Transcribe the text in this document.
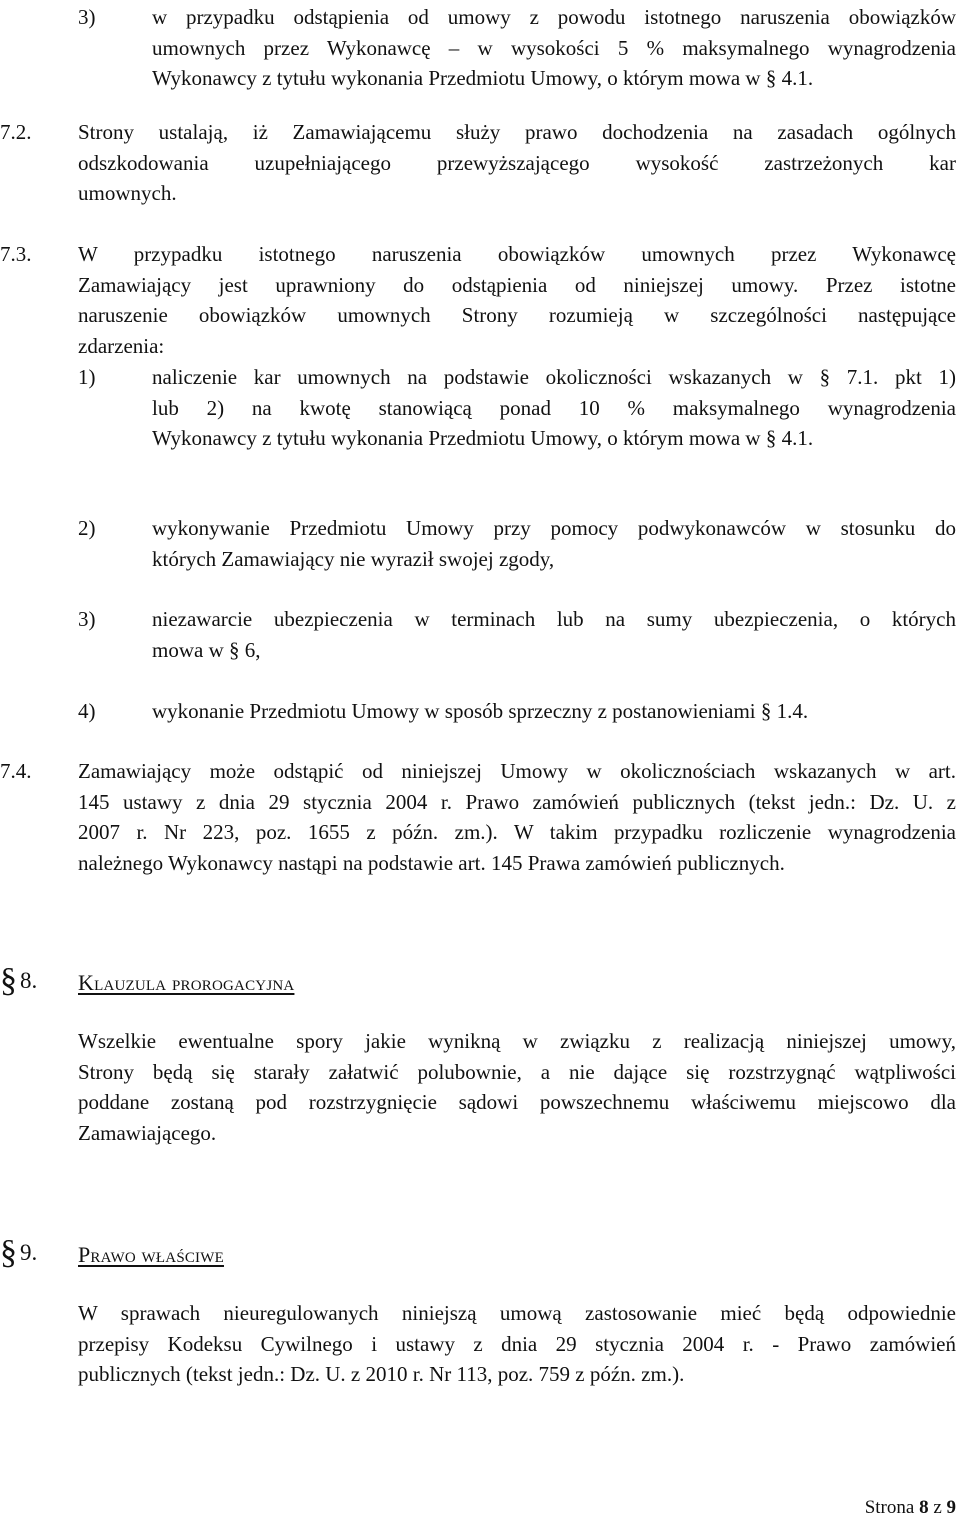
3)	w przypadku odstąpienia od umowy z powodu istotnego naruszenia obowiązków
umownych przez Wykonawcę – w wysokości 5 % maksymalnego wynagrodzenia
Wykonawcy z tytułu wykonania Przedmiotu Umowy, o którym mowa w § 4.1.
7.2. Strony ustalają, iż Zamawiającemu służy prawo dochodzenia na zasadach ogólnych
odszkodowania uzupełniającego przewyższającego wysokość zastrzeżonych kar
umownych.
7.3. W przypadku istotnego naruszenia obowiązków umownych przez Wykonawcę
Zamawiający jest uprawniony do odstąpienia od niniejszej umowy. Przez istotne
naruszenie obowiązków umownych Strony rozumieją w szczególności następujące
zdarzenia:
1)	naliczenie kar umownych na podstawie okoliczności wskazanych w § 7.1. pkt 1)
lub 2) na kwotę stanowiącą ponad 10 % maksymalnego wynagrodzenia
Wykonawcy z tytułu wykonania Przedmiotu Umowy, o którym mowa w § 4.1.
2)	wykonywanie Przedmiotu Umowy przy pomocy podwykonawców w stosunku do
których Zamawiający nie wyraził swojej zgody,
3)	niezawarcie ubezpieczenia w terminach lub na sumy ubezpieczenia, o których
mowa w § 6,
4)	wykonanie Przedmiotu Umowy w sposób sprzeczny z postanowieniami § 1.4.
7.4. Zamawiający może odstąpić od niniejszej Umowy w okolicznościach wskazanych w art.
145 ustawy z dnia 29 stycznia 2004 r. Prawo zamówień publicznych (tekst jedn.: Dz. U. z
2007 r. Nr 223, poz. 1655 z późn. zm.). W takim przypadku rozliczenie wynagrodzenia
należnego Wykonawcy nastąpi na podstawie art. 145 Prawa zamówień publicznych.
§ 8. Klauzula prorogacyjna
Wszelkie ewentualne spory jakie wynikną w związku z realizacją niniejszej umowy,
Strony będą się starały załatwić polubownie, a nie dające się rozstrzygnąć wątpliwości
poddane zostaną pod rozstrzygnięcie sądowi powszechnemu właściwemu miejscowo dla
Zamawiającego.
§ 9. Prawo właściwe
W sprawach nieuregulowanych niniejszą umową zastosowanie mieć będą odpowiednie
przepisy Kodeksu Cywilnego i ustawy z dnia 29 stycznia 2004 r. - Prawo zamówień
publicznych (tekst jedn.: Dz. U. z 2010 r. Nr 113, poz. 759 z późn. zm.).
Strona 8 z 9
